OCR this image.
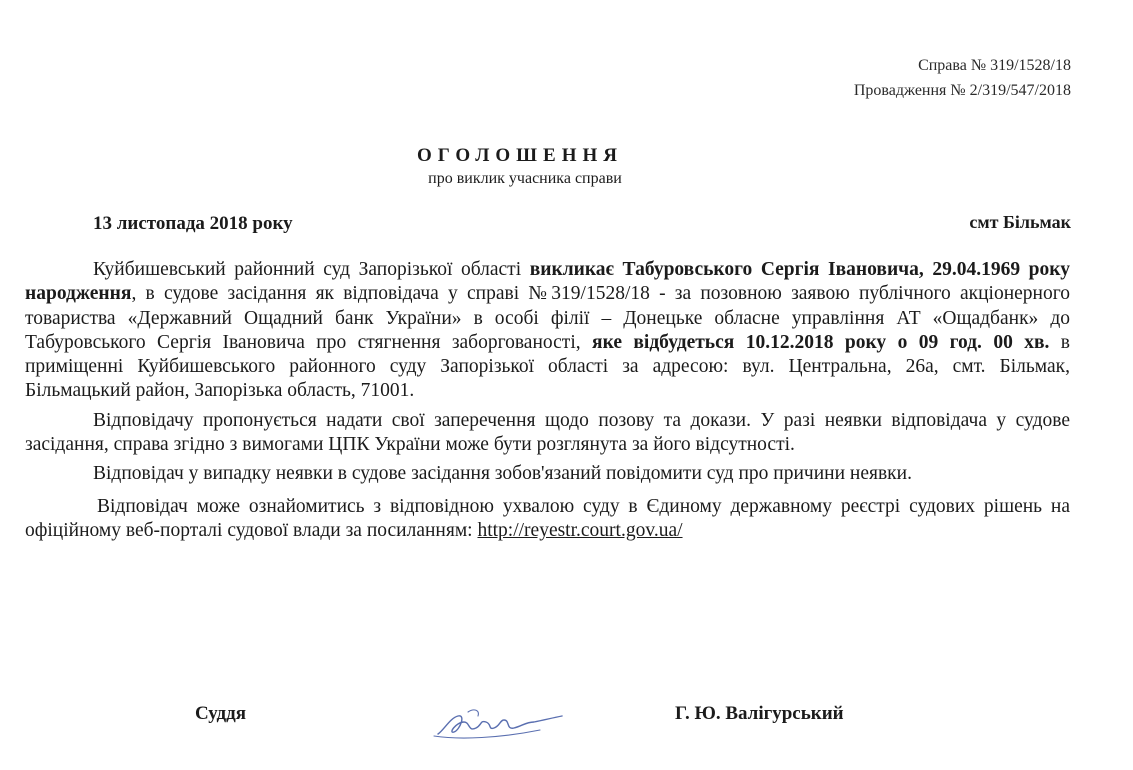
Справа № 319/1528/18
Провадження № 2/319/547/2018
ОГОЛОШЕННЯ
про виклик учасника справи
13 листопада 2018 року	смт Більмак

Куйбишевський районний суд Запорізької області викликає Табуровського Сергія Івановича, 29.04.1969 року народження, в судове засідання як відповідача у справі №319/1528/18 - за позовною заявою публічного акціонерного товариства «Державний Ощадний банк України» в особі філії – Донецьке обласне управління АТ «Ощадбанк» до Табуровського Сергія Івановича про стягнення заборгованості, яке відбудеться 10.12.2018 року о 09 год. 00 хв. в приміщенні Куйбишевського районного суду Запорізької області за адресою: вул. Центральна, 26а, смт. Більмак, Більмацький район, Запорізька область, 71001.

Відповідачу пропонується надати свої заперечення щодо позову та докази. У разі неявки відповідача у судове засідання, справа згідно з вимогами ЦПК України може бути розглянута за його відсутності.

Відповідач у випадку неявки в судове засідання зобов'язаний повідомити суд про причини неявки.

Відповідач може ознайомитись з відповідною ухвалою суду в Єдиному державному реєстрі судових рішень на офіційному веб-порталі судової влади за посиланням: http://reyestr.court.gov.ua/

Суддя	Г. Ю. Валігурський
